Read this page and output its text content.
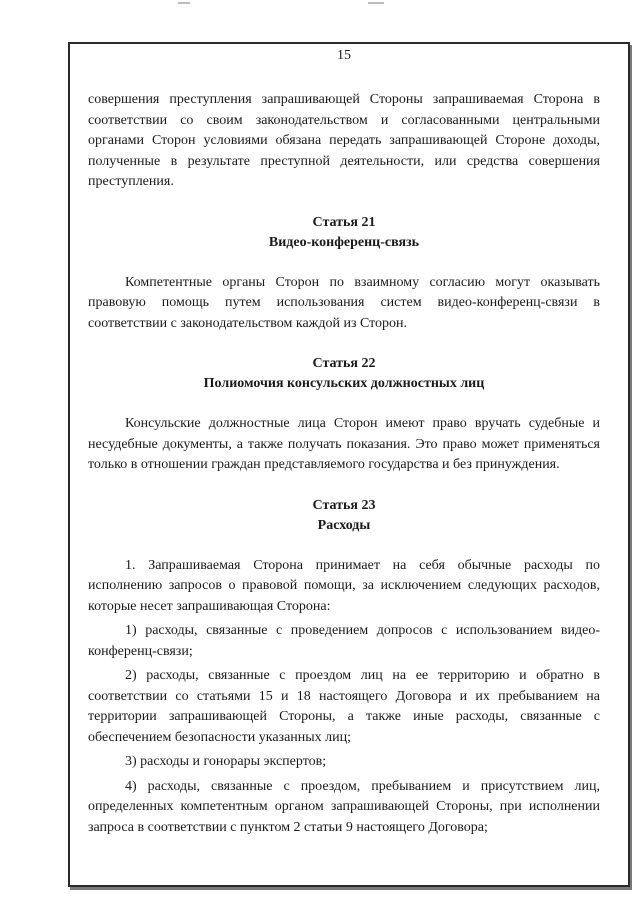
15

совершения преступления запрашивающей Стороны запрашиваемая Сторона в соответствии со своим законодательством и согласованными центральными органами Сторон условиями обязана передать запрашивающей Стороне доходы, полученные в результате преступной деятельности, или средства совершения преступления.

Статья 21
Видео-конференц-связь

Компетентные органы Сторон по взаимному согласию могут оказывать правовую помощь путем использования систем видео-конференц-связи в соответствии с законодательством каждой из Сторон.

Статья 22
Полиомочия консульских должностных лиц

Консульские должностные лица Сторон имеют право вручать судебные и несудебные документы, а также получать показания. Это право может применяться только в отношении граждан представляемого государства и без принуждения.

Статья 23
Расходы

1. Запрашиваемая Сторона принимает на себя обычные расходы по исполнению запросов о правовой помощи, за исключением следующих расходов, которые несет запрашивающая Сторона:

1) расходы, связанные с проведением допросов с использованием видео-конференц-связи;

2) расходы, связанные с проездом лиц на ее территорию и обратно в соответствии со статьями 15 и 18 настоящего Договора и их пребыванием на территории запрашивающей Стороны, а также иные расходы, связанные с обеспечением безопасности указанных лиц;

3) расходы и гонорары экспертов;

4) расходы, связанные с проездом, пребыванием и присутствием лиц, определенных компетентным органом запрашивающей Стороны, при исполнении запроса в соответствии с пунктом 2 статьи 9 настоящего Договора;
